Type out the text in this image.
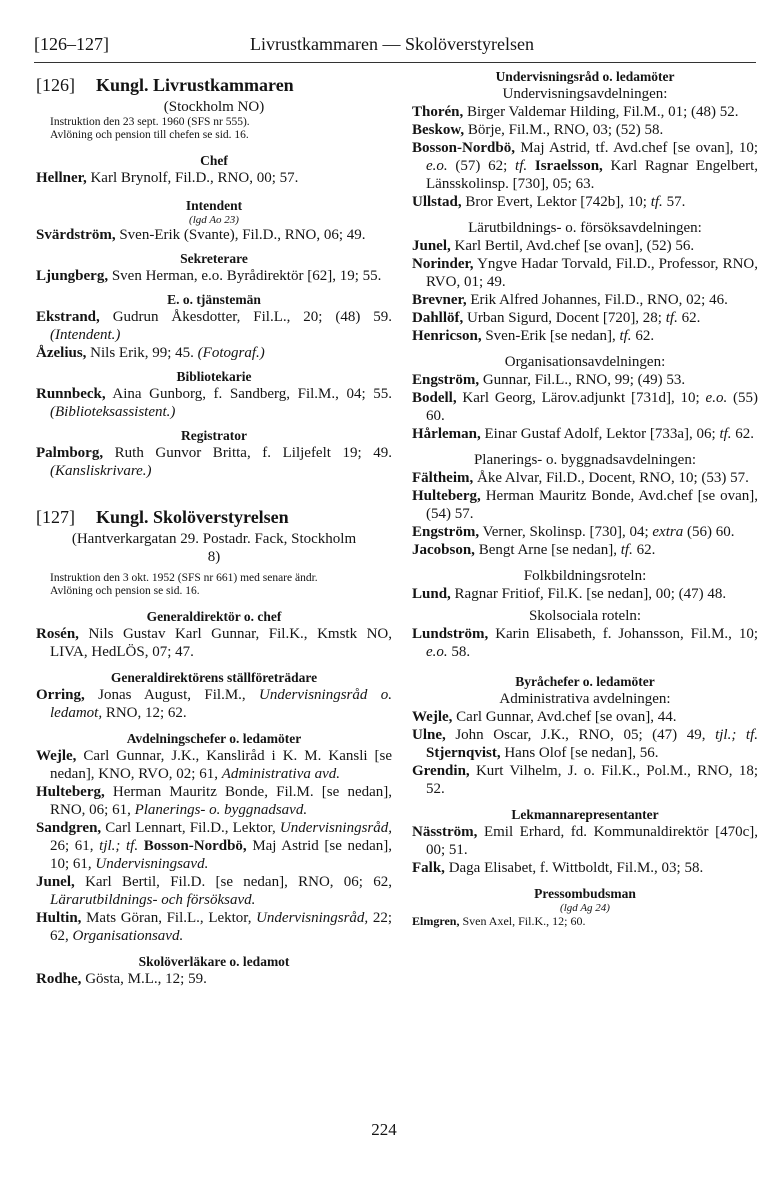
[126–127]	Livrustkammaren — Skolöverstyrelsen
[126] Kungl. Livrustkammaren

(Stockholm NO)

Instruktion den 23 sept. 1960 (SFS nr 555).

Avlöning och pension till chefen se sid. 16.

Chef

Hellner, Karl Brynolf, Fil.D., RNO, 00; 57.

Intendent

(lgd Ao 23)

Svärdström, Sven-Erik (Svante), Fil.D., RNO, 06; 49.

Sekreterare

Ljungberg, Sven Herman, e.o. Byrådirektör [62], 19; 55.

E. o. tjänstemän

Ekstrand, Gudrun Åkesdotter, Fil.L., 20; (48) 59. (Intendent.)

Åzelius, Nils Erik, 99; 45. (Fotograf.)

Bibliotekarie

Runnbeck, Aina Gunborg, f. Sandberg, Fil.M., 04; 55. (Biblioteksassistent.)

Registrator

Palmborg, Ruth Gunvor Britta, f. Liljefelt 19; 49. (Kansliskrivare.)

[127] Kungl. Skolöverstyrelsen

(Hantverkargatan 29. Postadr. Fack, Stockholm 8)

Instruktion den 3 okt. 1952 (SFS nr 661) med senare ändr.

Avlöning och pension se sid. 16.

Generaldirektör o. chef

Rosén, Nils Gustav Karl Gunnar, Fil.K., Kmstk NO, LIVA, HedLÖS, 07; 47.

Generaldirektörens ställföreträdare

Orring, Jonas August, Fil.M., Undervisningsråd o. ledamot, RNO, 12; 62.

Avdelningschefer o. ledamöter

Wejle, Carl Gunnar, J.K., Kansliråd i K. M. Kansli [se nedan], KNO, RVO, 02; 61, Administrativa avd.

Hulteberg, Herman Mauritz Bonde, Fil.M. [se nedan], RNO, 06; 61, Planerings- o. byggnadsavd.

Sandgren, Carl Lennart, Fil.D., Lektor, Undervisningsråd, 26; 61, tjl.; tf. Bosson-Nordbö, Maj Astrid [se nedan], 10; 61, Undervisningsavd.

Junel, Karl Bertil, Fil.D. [se nedan], RNO, 06; 62, Lärarutbildnings- och försöksavd.

Hultin, Mats Göran, Fil.L., Lektor, Undervisningsråd, 22; 62, Organisationsavd.

Skolöverläkare o. ledamot

Rodhe, Gösta, M.L., 12; 59.

Undervisningsråd o. ledamöter

Undervisningsavdelningen:

Thorén, Birger Valdemar Hilding, Fil.M., 01; (48) 52.

Beskow, Börje, Fil.M., RNO, 03; (52) 58.

Bosson-Nordbö, Maj Astrid, tf. Avd.chef [se ovan], 10; e.o. (57) 62; tf. Israelsson, Karl Ragnar Engelbert, Länsskolinsp. [730], 05; 63.

Ullstad, Bror Evert, Lektor [742b], 10; tf. 57.

Lärutbildnings- o. försöksavdelningen:

Junel, Karl Bertil, Avd.chef [se ovan], (52) 56.

Norinder, Yngve Hadar Torvald, Fil.D., Professor, RNO, RVO, 01; 49.

Brevner, Erik Alfred Johannes, Fil.D., RNO, 02; 46.

Dahllöf, Urban Sigurd, Docent [720], 28; tf. 62.

Henricson, Sven-Erik [se nedan], tf. 62.

Organisationsavdelningen:

Engström, Gunnar, Fil.L., RNO, 99; (49) 53.

Bodell, Karl Georg, Lärov.adjunkt [731d], 10; e.o. (55) 60.

Hårleman, Einar Gustaf Adolf, Lektor [733a], 06; tf. 62.

Planerings- o. byggnadsavdelningen:

Fältheim, Åke Alvar, Fil.D., Docent, RNO, 10; (53) 57.

Hulteberg, Herman Mauritz Bonde, Avd.chef [se ovan], (54) 57.

Engström, Verner, Skolinsp. [730], 04; extra (56) 60.

Jacobson, Bengt Arne [se nedan], tf. 62.

Folkbildningsroteln:

Lund, Ragnar Fritiof, Fil.K. [se nedan], 00; (47) 48.

Skolsociala roteln:

Lundström, Karin Elisabeth, f. Johansson, Fil.M., 10; e.o. 58.

Byråchefer o. ledamöter

Administrativa avdelningen:

Wejle, Carl Gunnar, Avd.chef [se ovan], 44.

Ulne, John Oscar, J.K., RNO, 05; (47) 49, tjl.; tf. Stjernqvist, Hans Olof [se nedan], 56.

Grendin, Kurt Vilhelm, J. o. Fil.K., Pol.M., RNO, 18; 52.

Lekmannarepresentanter

Näsström, Emil Erhard, fd. Kommunaldirektör [470c], 00; 51.

Falk, Daga Elisabet, f. Wittboldt, Fil.M., 03; 58.

Pressombudsman

(lgd Ag 24)

Elmgren, Sven Axel, Fil.K., 12; 60.

224
